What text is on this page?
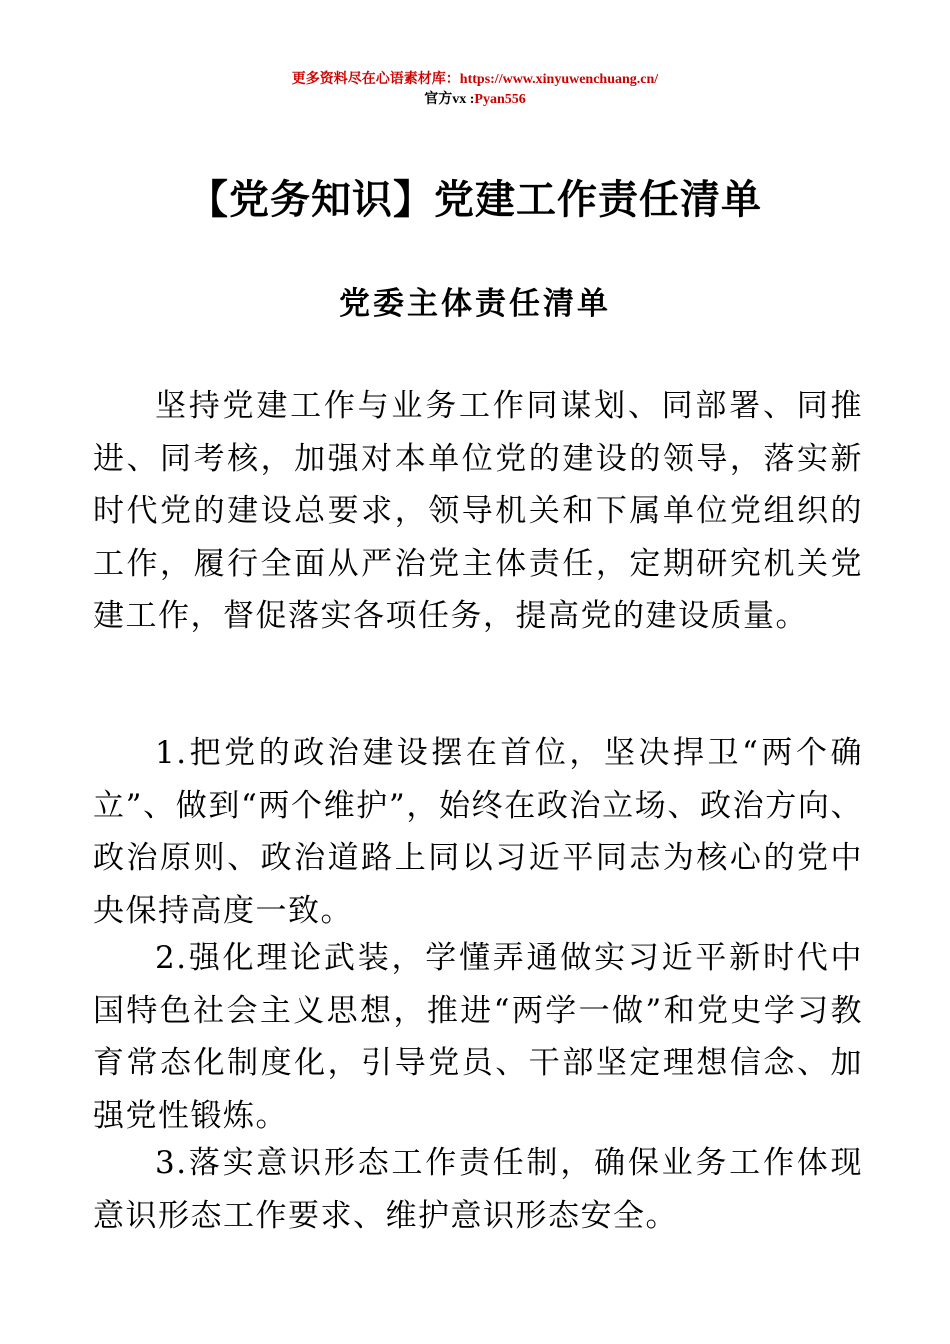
更多资料尽在心语素材库：https://www.xinyuwenchuang.cn/
官方vx :Pyan556
【党务知识】党建工作责任清单
党委主体责任清单

坚持党建工作与业务工作同谋划、同部署、同推进、同考核，加强对本单位党的建设的领导，落实新时代党的建设总要求，领导机关和下属单位党组织的工作，履行全面从严治党主体责任，定期研究机关党建工作，督促落实各项任务，提高党的建设质量。

1.把党的政治建设摆在首位，坚决捍卫“两个确立”、做到“两个维护”，始终在政治立场、政治方向、政治原则、政治道路上同以习近平同志为核心的党中央保持高度一致。

2.强化理论武装，学懂弄通做实习近平新时代中国特色社会主义思想，推进“两学一做”和党史学习教育常态化制度化，引导党员、干部坚定理想信念、加强党性锻炼。

3.落实意识形态工作责任制，确保业务工作体现意识形态工作要求、维护意识形态安全。
